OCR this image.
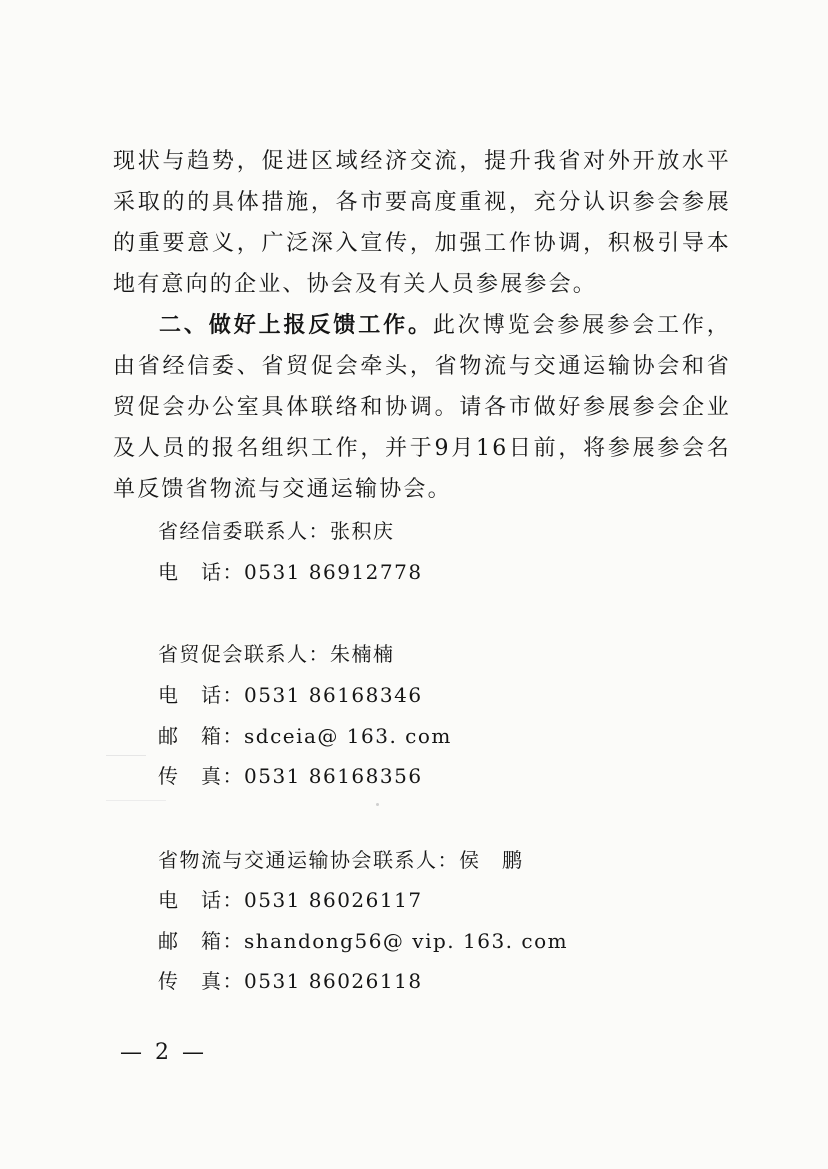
现状与趋势，促进区域经济交流，提升我省对外开放水平采取的的具体措施，各市要高度重视，充分认识参会参展的重要意义，广泛深入宣传，加强工作协调，积极引导本地有意向的企业、协会及有关人员参展参会。

二、做好上报反馈工作。此次博览会参展参会工作，由省经信委、省贸促会牵头，省物流与交通运输协会和省贸促会办公室具体联络和协调。请各市做好参展参会企业及人员的报名组织工作，并于9月16日前，将参展参会名单反馈省物流与交通运输协会。

省经信委联系人：张积庆
电　话：0531 86912778
省贸促会联系人：朱楠楠
电　话：0531 86168346
邮　箱：sdceia@ 163. com
传　真：0531 86168356
省物流与交通运输协会联系人：侯　鹏
电　话：0531 86026117
邮　箱：shandong56@ vip. 163. com
传　真：0531 86026118
— 2 —
